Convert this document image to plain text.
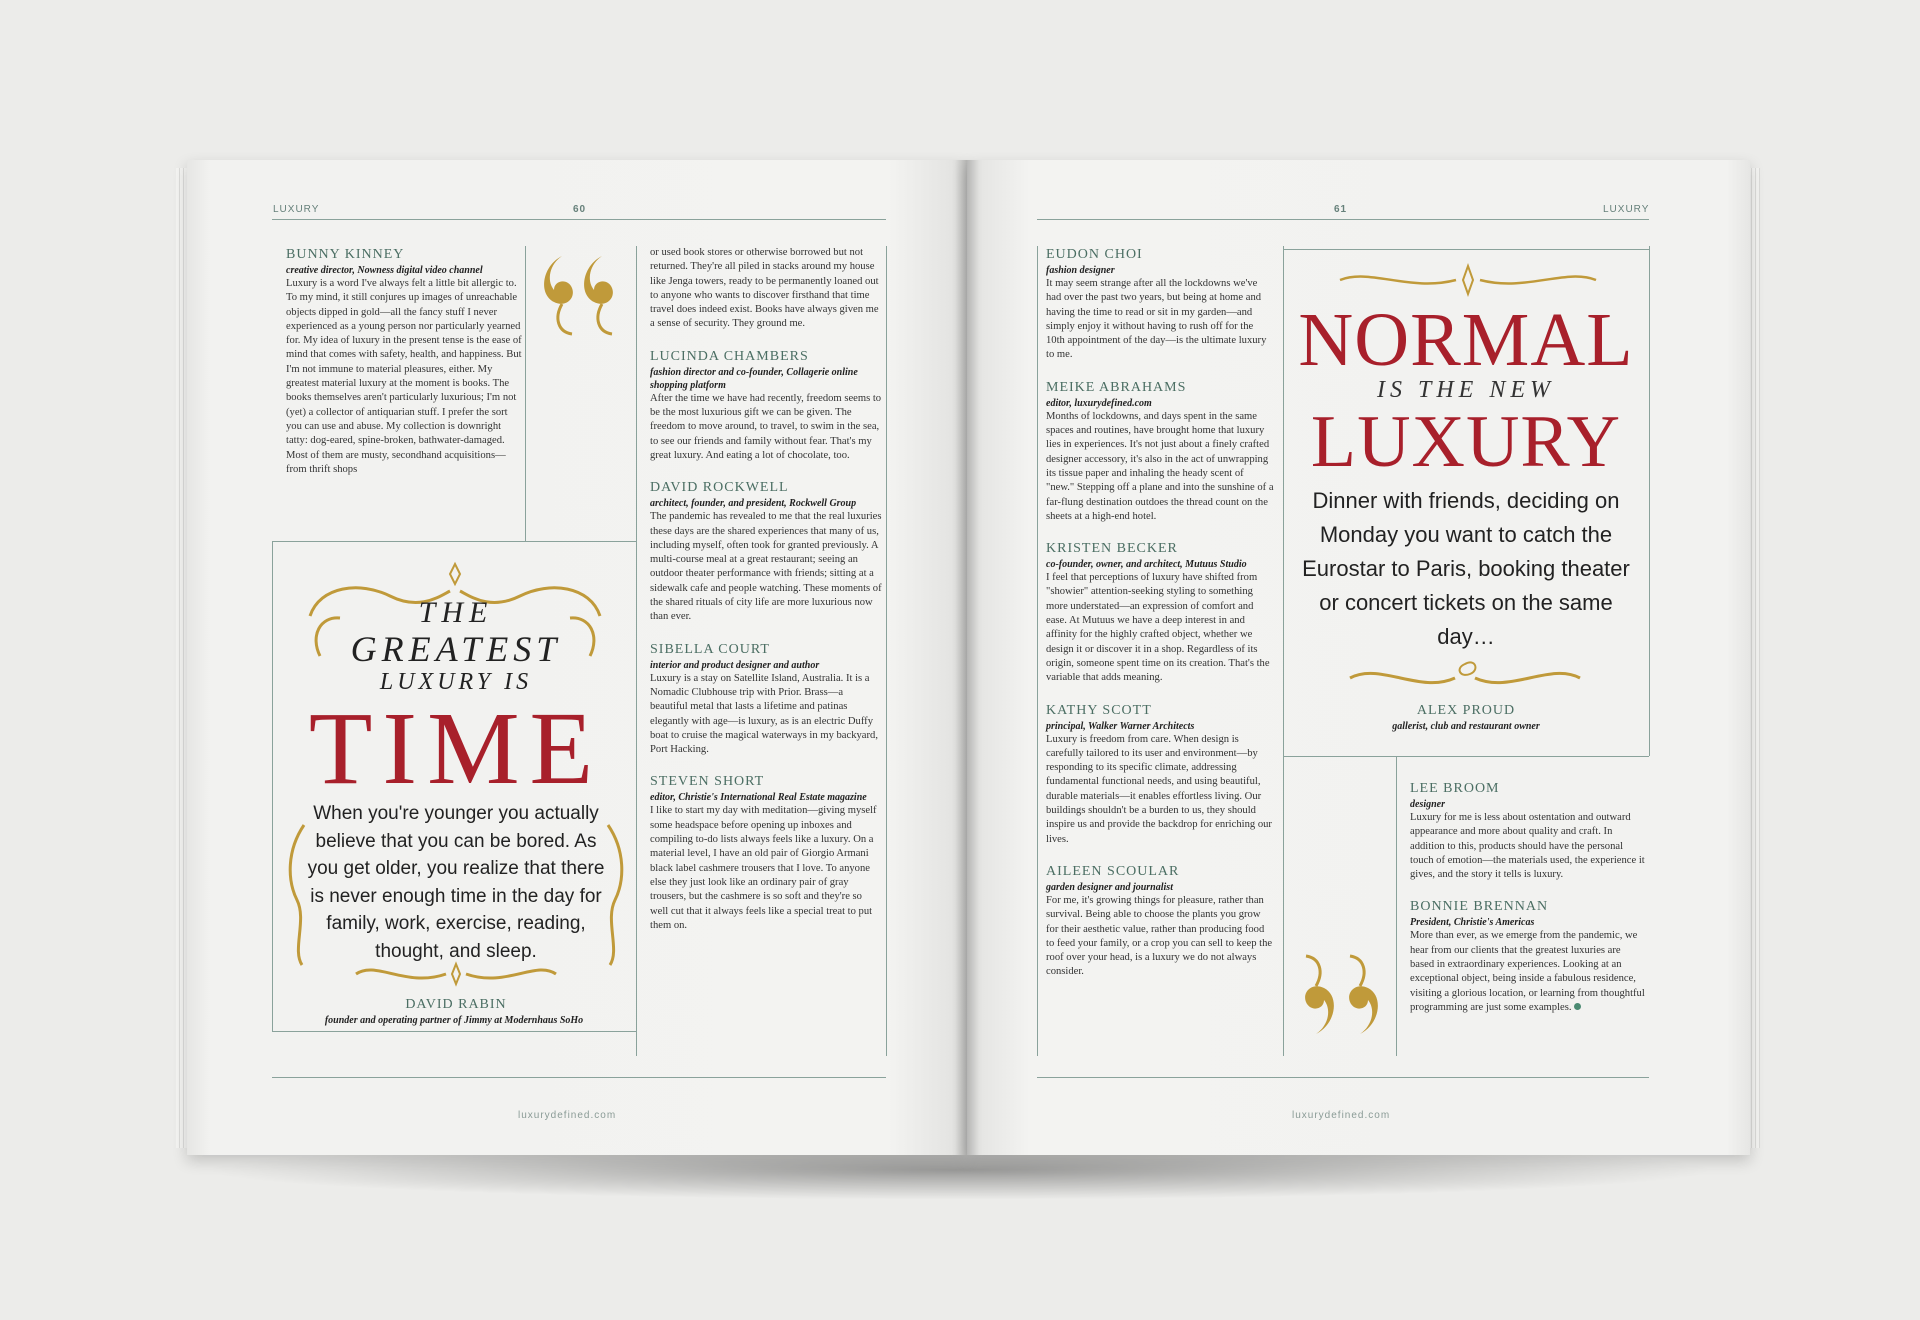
LUXURY	60	61	LUXURY
BUNNY KINNEY
creative director, Nowness digital video channel
Luxury is a word I've always felt a little bit allergic to. To my mind, it still conjures up images of unreachable objects dipped in gold—all the fancy stuff I never experienced as a young person nor particularly yearned for. My idea of luxury in the present tense is the ease of mind that comes with safety, health, and happiness. But I'm not immune to material pleasures, either. My greatest material luxury at the moment is books. The books themselves aren't particularly luxurious; I'm not (yet) a collector of antiquarian stuff. I prefer the sort you can use and abuse. My collection is downright tatty: dog-eared, spine-broken, bathwater-damaged. Most of them are musty, secondhand acquisitions—from thrift shops
THE
GREATEST
LUXURY IS
TIME
When you're younger you actually believe that you can be bored. As you get older, you realize that there is never enough time in the day for family, work, exercise, reading, thought, and sleep.
DAVID RABIN
founder and operating partner of Jimmy at Modernhaus SoHo
or used book stores or otherwise borrowed but not returned. They're all piled in stacks around my house like Jenga towers, ready to be permanently loaned out to anyone who wants to discover firsthand that time travel does indeed exist. Books have always given me a sense of security. They ground me.
LUCINDA CHAMBERS
fashion director and co-founder, Collagerie online shopping platform
After the time we have had recently, freedom seems to be the most luxurious gift we can be given. The freedom to move around, to travel, to swim in the sea, to see our friends and family without fear. That's my great luxury. And eating a lot of chocolate, too.
DAVID ROCKWELL
architect, founder, and president, Rockwell Group
The pandemic has revealed to me that the real luxuries these days are the shared experiences that many of us, including myself, often took for granted previously. A multi-course meal at a great restaurant; seeing an outdoor theater performance with friends; sitting at a sidewalk cafe and people watching. These moments of the shared rituals of city life are more luxurious now than ever.
SIBELLA COURT
interior and product designer and author
Luxury is a stay on Satellite Island, Australia. It is a Nomadic Clubhouse trip with Prior. Brass—a beautiful metal that lasts a lifetime and patinas elegantly with age—is luxury, as is an electric Duffy boat to cruise the magical waterways in my backyard, Port Hacking.
STEVEN SHORT
editor, Christie's International Real Estate magazine
I like to start my day with meditation—giving myself some headspace before opening up inboxes and compiling to-do lists always feels like a luxury. On a material level, I have an old pair of Giorgio Armani black label cashmere trousers that I love. To anyone else they just look like an ordinary pair of gray trousers, but the cashmere is so soft and they're so well cut that it always feels like a special treat to put them on.
luxurydefined.com
EUDON CHOI
fashion designer
It may seem strange after all the lockdowns we've had over the past two years, but being at home and having the time to read or sit in my garden—and simply enjoy it without having to rush off for the 10th appointment of the day—is the ultimate luxury to me.
MEIKE ABRAHAMS
editor, luxurydefined.com
Months of lockdowns, and days spent in the same spaces and routines, have brought home that luxury lies in experiences. It's not just about a finely crafted designer accessory, it's also in the act of unwrapping its tissue paper and inhaling the heady scent of "new." Stepping off a plane and into the sunshine of a far-flung destination outdoes the thread count on the sheets at a high-end hotel.
KRISTEN BECKER
co-founder, owner, and architect, Mutuus Studio
I feel that perceptions of luxury have shifted from "showier" attention-seeking styling to something more understated—an expression of comfort and ease. At Mutuus we have a deep interest in and affinity for the highly crafted object, whether we design it or discover it in a shop. Regardless of its origin, someone spent time on its creation. That's the variable that adds meaning.
KATHY SCOTT
principal, Walker Warner Architects
Luxury is freedom from care. When design is carefully tailored to its user and environment—by responding to its specific climate, addressing fundamental functional needs, and using beautiful, durable materials—it enables effortless living. Our buildings shouldn't be a burden to us, they should inspire us and provide the backdrop for enriching our lives.
AILEEN SCOULAR
garden designer and journalist
For me, it's growing things for pleasure, rather than survival. Being able to choose the plants you grow for their aesthetic value, rather than producing food to feed your family, or a crop you can sell to keep the roof over your head, is a luxury we do not always consider.
NORMAL
IS THE NEW
LUXURY
Dinner with friends, deciding on Monday you want to catch the Eurostar to Paris, booking theater or concert tickets on the same day…
ALEX PROUD
gallerist, club and restaurant owner
LEE BROOM
designer
Luxury for me is less about ostentation and outward appearance and more about quality and craft. In addition to this, products should have the personal touch of emotion—the materials used, the experience it gives, and the story it tells is luxury.
BONNIE BRENNAN
President, Christie's Americas
More than ever, as we emerge from the pandemic, we hear from our clients that the greatest luxuries are based in extraordinary experiences. Looking at an exceptional object, being inside a fabulous residence, visiting a glorious location, or learning from thoughtful programming are just some examples.
luxurydefined.com
